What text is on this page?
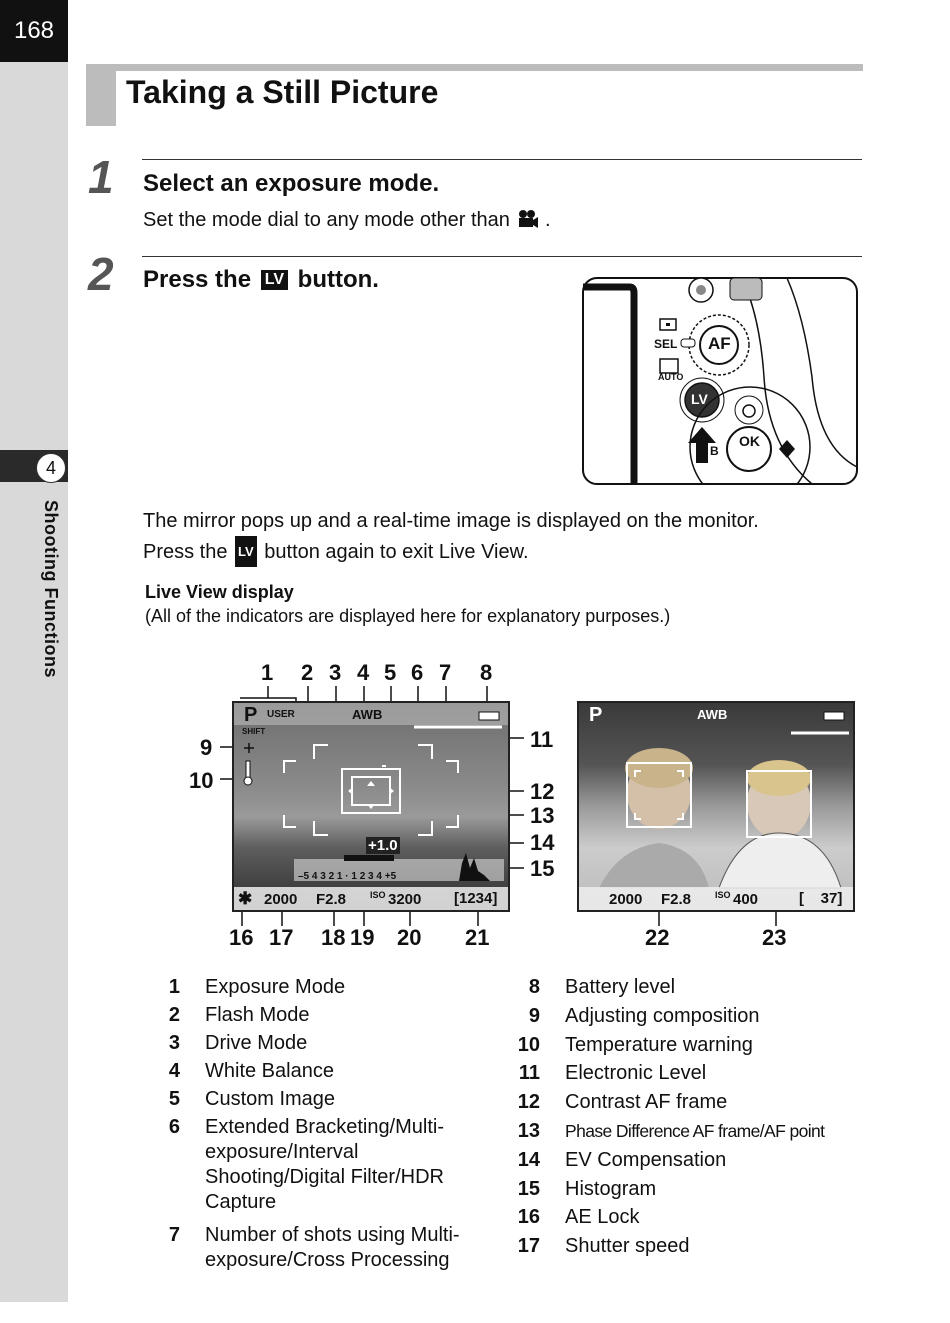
168
4
Shooting Functions
Taking a Still Picture
1 Select an exposure mode.
Set the mode dial to any mode other than .
2 Press the LV button.
SEL AF
AUTO
LV
OK
B
The mirror pops up and a real-time image is displayed on the monitor.
Press the LV button again to exit Live View.
Live View display
(All of the indicators are displayed here for explanatory purposes.)
1 2 3 4 5 6 7 8
9
10
11
12
13
14
15
P USER
SHIFT
AWB
+1.0
–5 4 3 2 1 · 1 2 3 4 +5
✱ 2000 F2.8	ISO 3200 [1234]
P	AWB
2000 F2.8	ISO 400	[    37]
16 17 18 19 20 21	22	23
1 Exposure Mode
2 Flash Mode
3 Drive Mode
4 White Balance
5 Custom Image
6 Extended Bracketing/Multi-exposure/Interval Shooting/Digital Filter/HDR Capture
7 Number of shots using Multi-exposure/Cross Processing
8 Battery level
9 Adjusting composition
10 Temperature warning
11 Electronic Level
12 Contrast AF frame
13 Phase Difference AF frame/AF point
14 EV Compensation
15 Histogram
16 AE Lock
17 Shutter speed
